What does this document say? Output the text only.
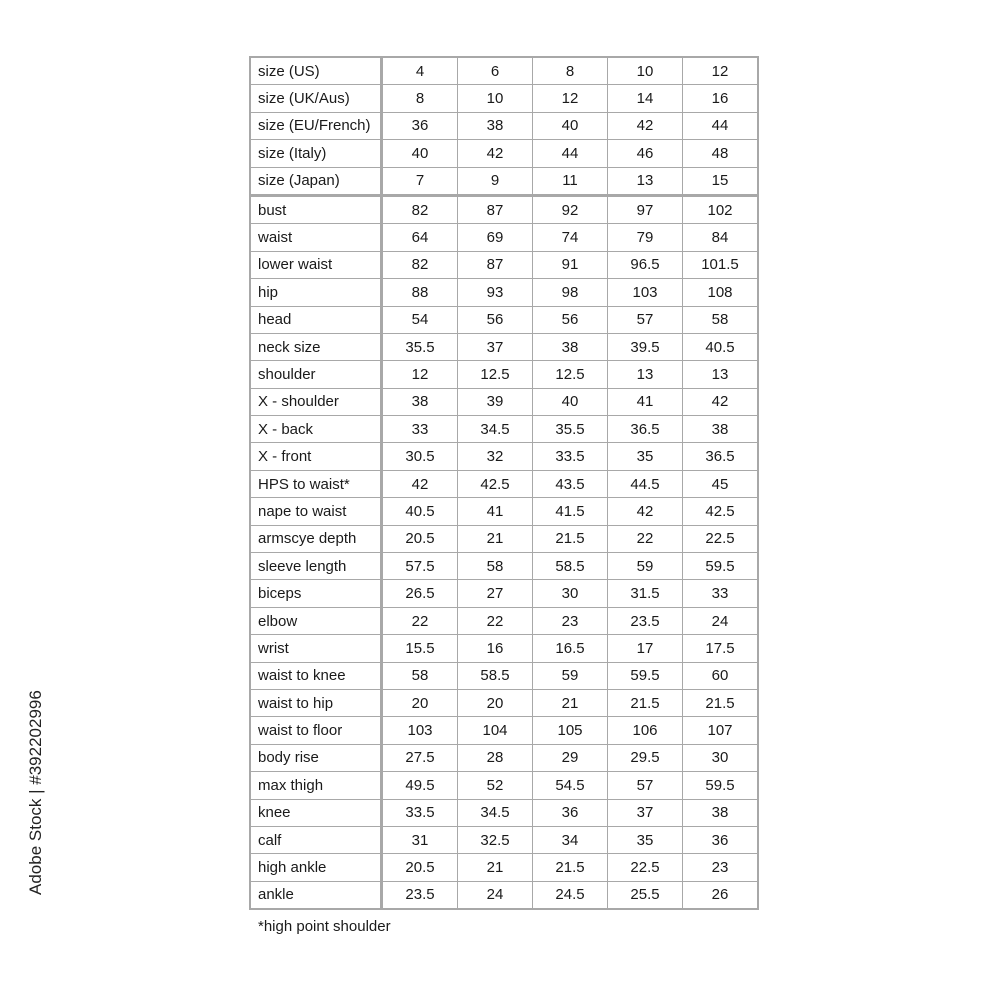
size (US)	4	6	8	10	12
size (UK/Aus)	8	10	12	14	16
size (EU/French)	36	38	40	42	44
size (Italy)	40	42	44	46	48
size (Japan)	7	9	11	13	15
bust	82	87	92	97	102
waist	64	69	74	79	84
lower waist	82	87	91	96.5	101.5
hip	88	93	98	103	108
head	54	56	56	57	58
neck size	35.5	37	38	39.5	40.5
shoulder	12	12.5	12.5	13	13
X - shoulder	38	39	40	41	42
X - back	33	34.5	35.5	36.5	38
X - front	30.5	32	33.5	35	36.5
HPS to waist*	42	42.5	43.5	44.5	45
nape to waist	40.5	41	41.5	42	42.5
armscye depth	20.5	21	21.5	22	22.5
sleeve length	57.5	58	58.5	59	59.5
biceps	26.5	27	30	31.5	33
elbow	22	22	23	23.5	24
wrist	15.5	16	16.5	17	17.5
waist to knee	58	58.5	59	59.5	60
waist to hip	20	20	21	21.5	21.5
waist to floor	103	104	105	106	107
body rise	27.5	28	29	29.5	30
max thigh	49.5	52	54.5	57	59.5
knee	33.5	34.5	36	37	38
calf	31	32.5	34	35	36
high ankle	20.5	21	21.5	22.5	23
ankle	23.5	24	24.5	25.5	26
*high point shoulder
Adobe Stock | #392202996
